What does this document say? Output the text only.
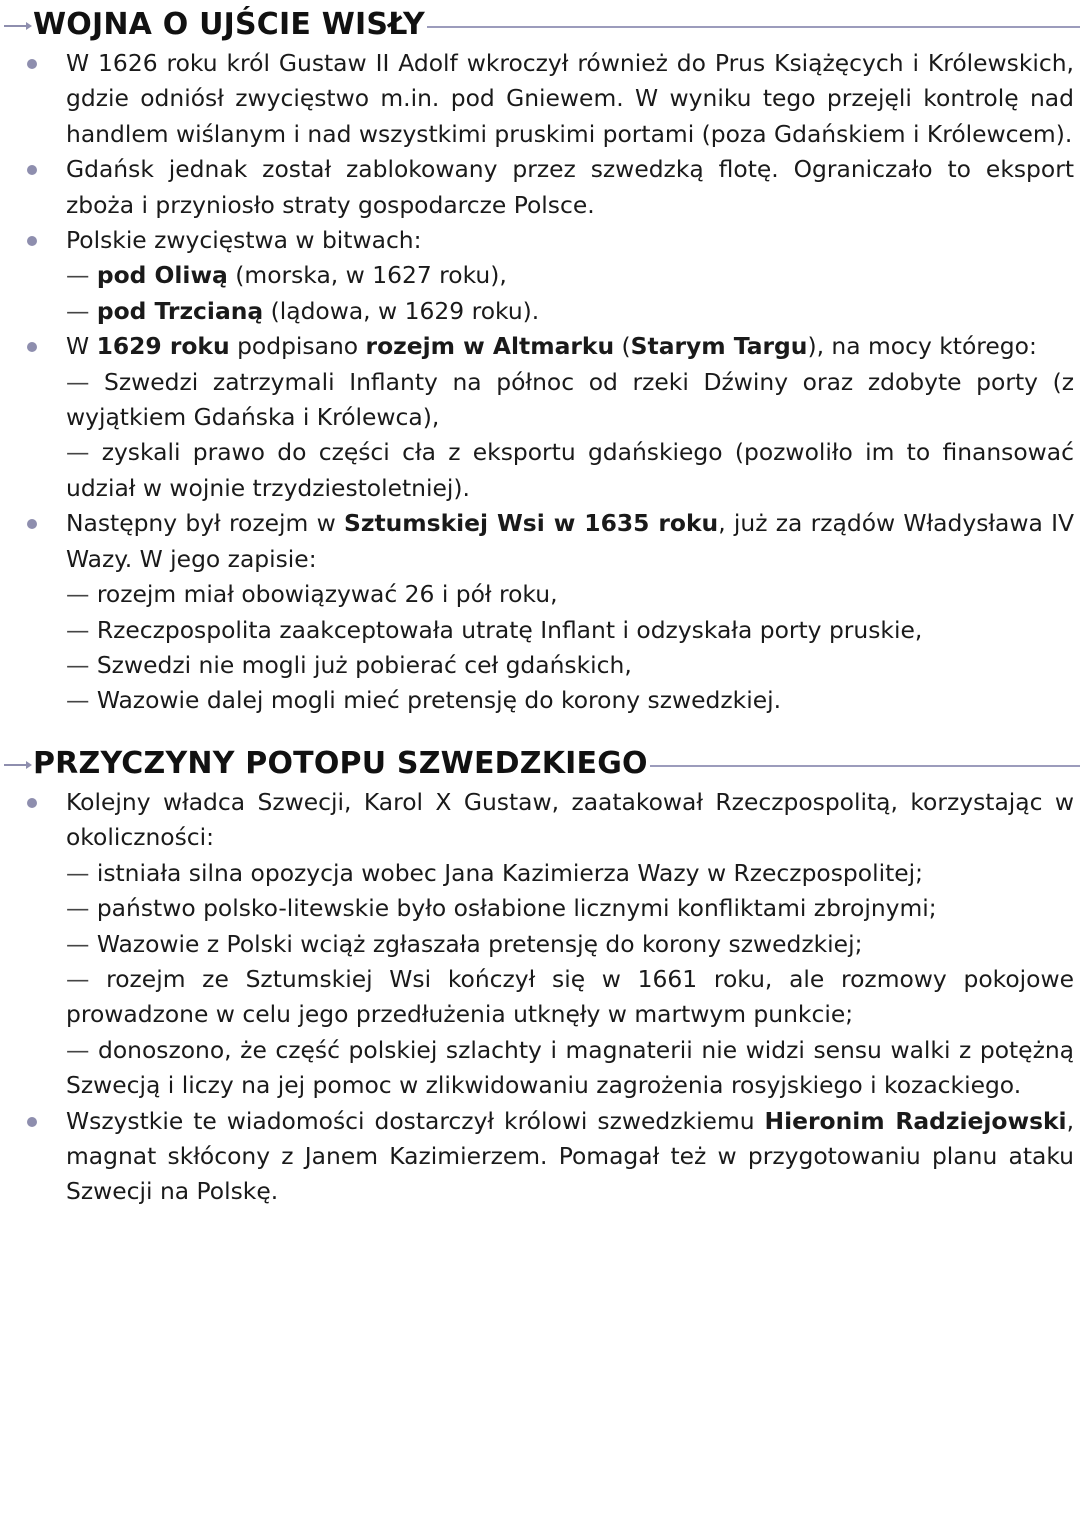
WOJNA O UJŚCIE WISŁY
W 1626 roku król Gustaw II Adolf wkroczył również do Prus Książęcych i Królewskich, gdzie odniósł zwycięstwo m.in. pod Gniewem. W wyniku tego przejęli kontrolę nad handlem wiślanym i nad wszystkimi pruskimi portami (poza Gdańskiem i Królewcem).
Gdańsk jednak został zablokowany przez szwedzką flotę. Ograniczało to eksport zboża i przyniosło straty gospodarcze Polsce.
Polskie zwycięstwa w bitwach:
— pod Oliwą (morska, w 1627 roku),
— pod Trzcianą (lądowa, w 1629 roku).
W 1629 roku podpisano rozejm w Altmarku (Starym Targu), na mocy którego:
— Szwedzi zatrzymali Inflanty na północ od rzeki Dźwiny oraz zdobyte porty (z wyjątkiem Gdańska i Królewca),
— zyskali prawo do części cła z eksportu gdańskiego (pozwoliło im to finansować udział w wojnie trzydziestoletniej).
Następny był rozejm w Sztumskiej Wsi w 1635 roku, już za rządów Władysława IV Wazy. W jego zapisie:
— rozejm miał obowiązywać 26 i pół roku,
— Rzeczpospolita zaakceptowała utratę Inflant i odzyskała porty pruskie,
— Szwedzi nie mogli już pobierać ceł gdańskich,
— Wazowie dalej mogli mieć pretensję do korony szwedzkiej.
PRZYCZYNY POTOPU SZWEDZKIEGO
Kolejny władca Szwecji, Karol X Gustaw, zaatakował Rzeczpospolitą, korzystając w okoliczności:
— istniała silna opozycja wobec Jana Kazimierza Wazy w Rzeczpospolitej;
— państwo polsko-litewskie było osłabione licznymi konfliktami zbrojnymi;
— Wazowie z Polski wciąż zgłaszała pretensję do korony szwedzkiej;
— rozejm ze Sztumskiej Wsi kończył się w 1661 roku, ale rozmowy pokojowe prowadzone w celu jego przedłużenia utknęły w martwym punkcie;
— donoszono, że część polskiej szlachty i magnaterii nie widzi sensu walki z potężną Szwecją i liczy na jej pomoc w zlikwidowaniu zagrożenia rosyjskiego i kozackiego.
Wszystkie te wiadomości dostarczył królowi szwedzkiemu Hieronim Radziejowski, magnat skłócony z Janem Kazimierzem. Pomagał też w przygotowaniu planu ataku Szwecji na Polskę.
